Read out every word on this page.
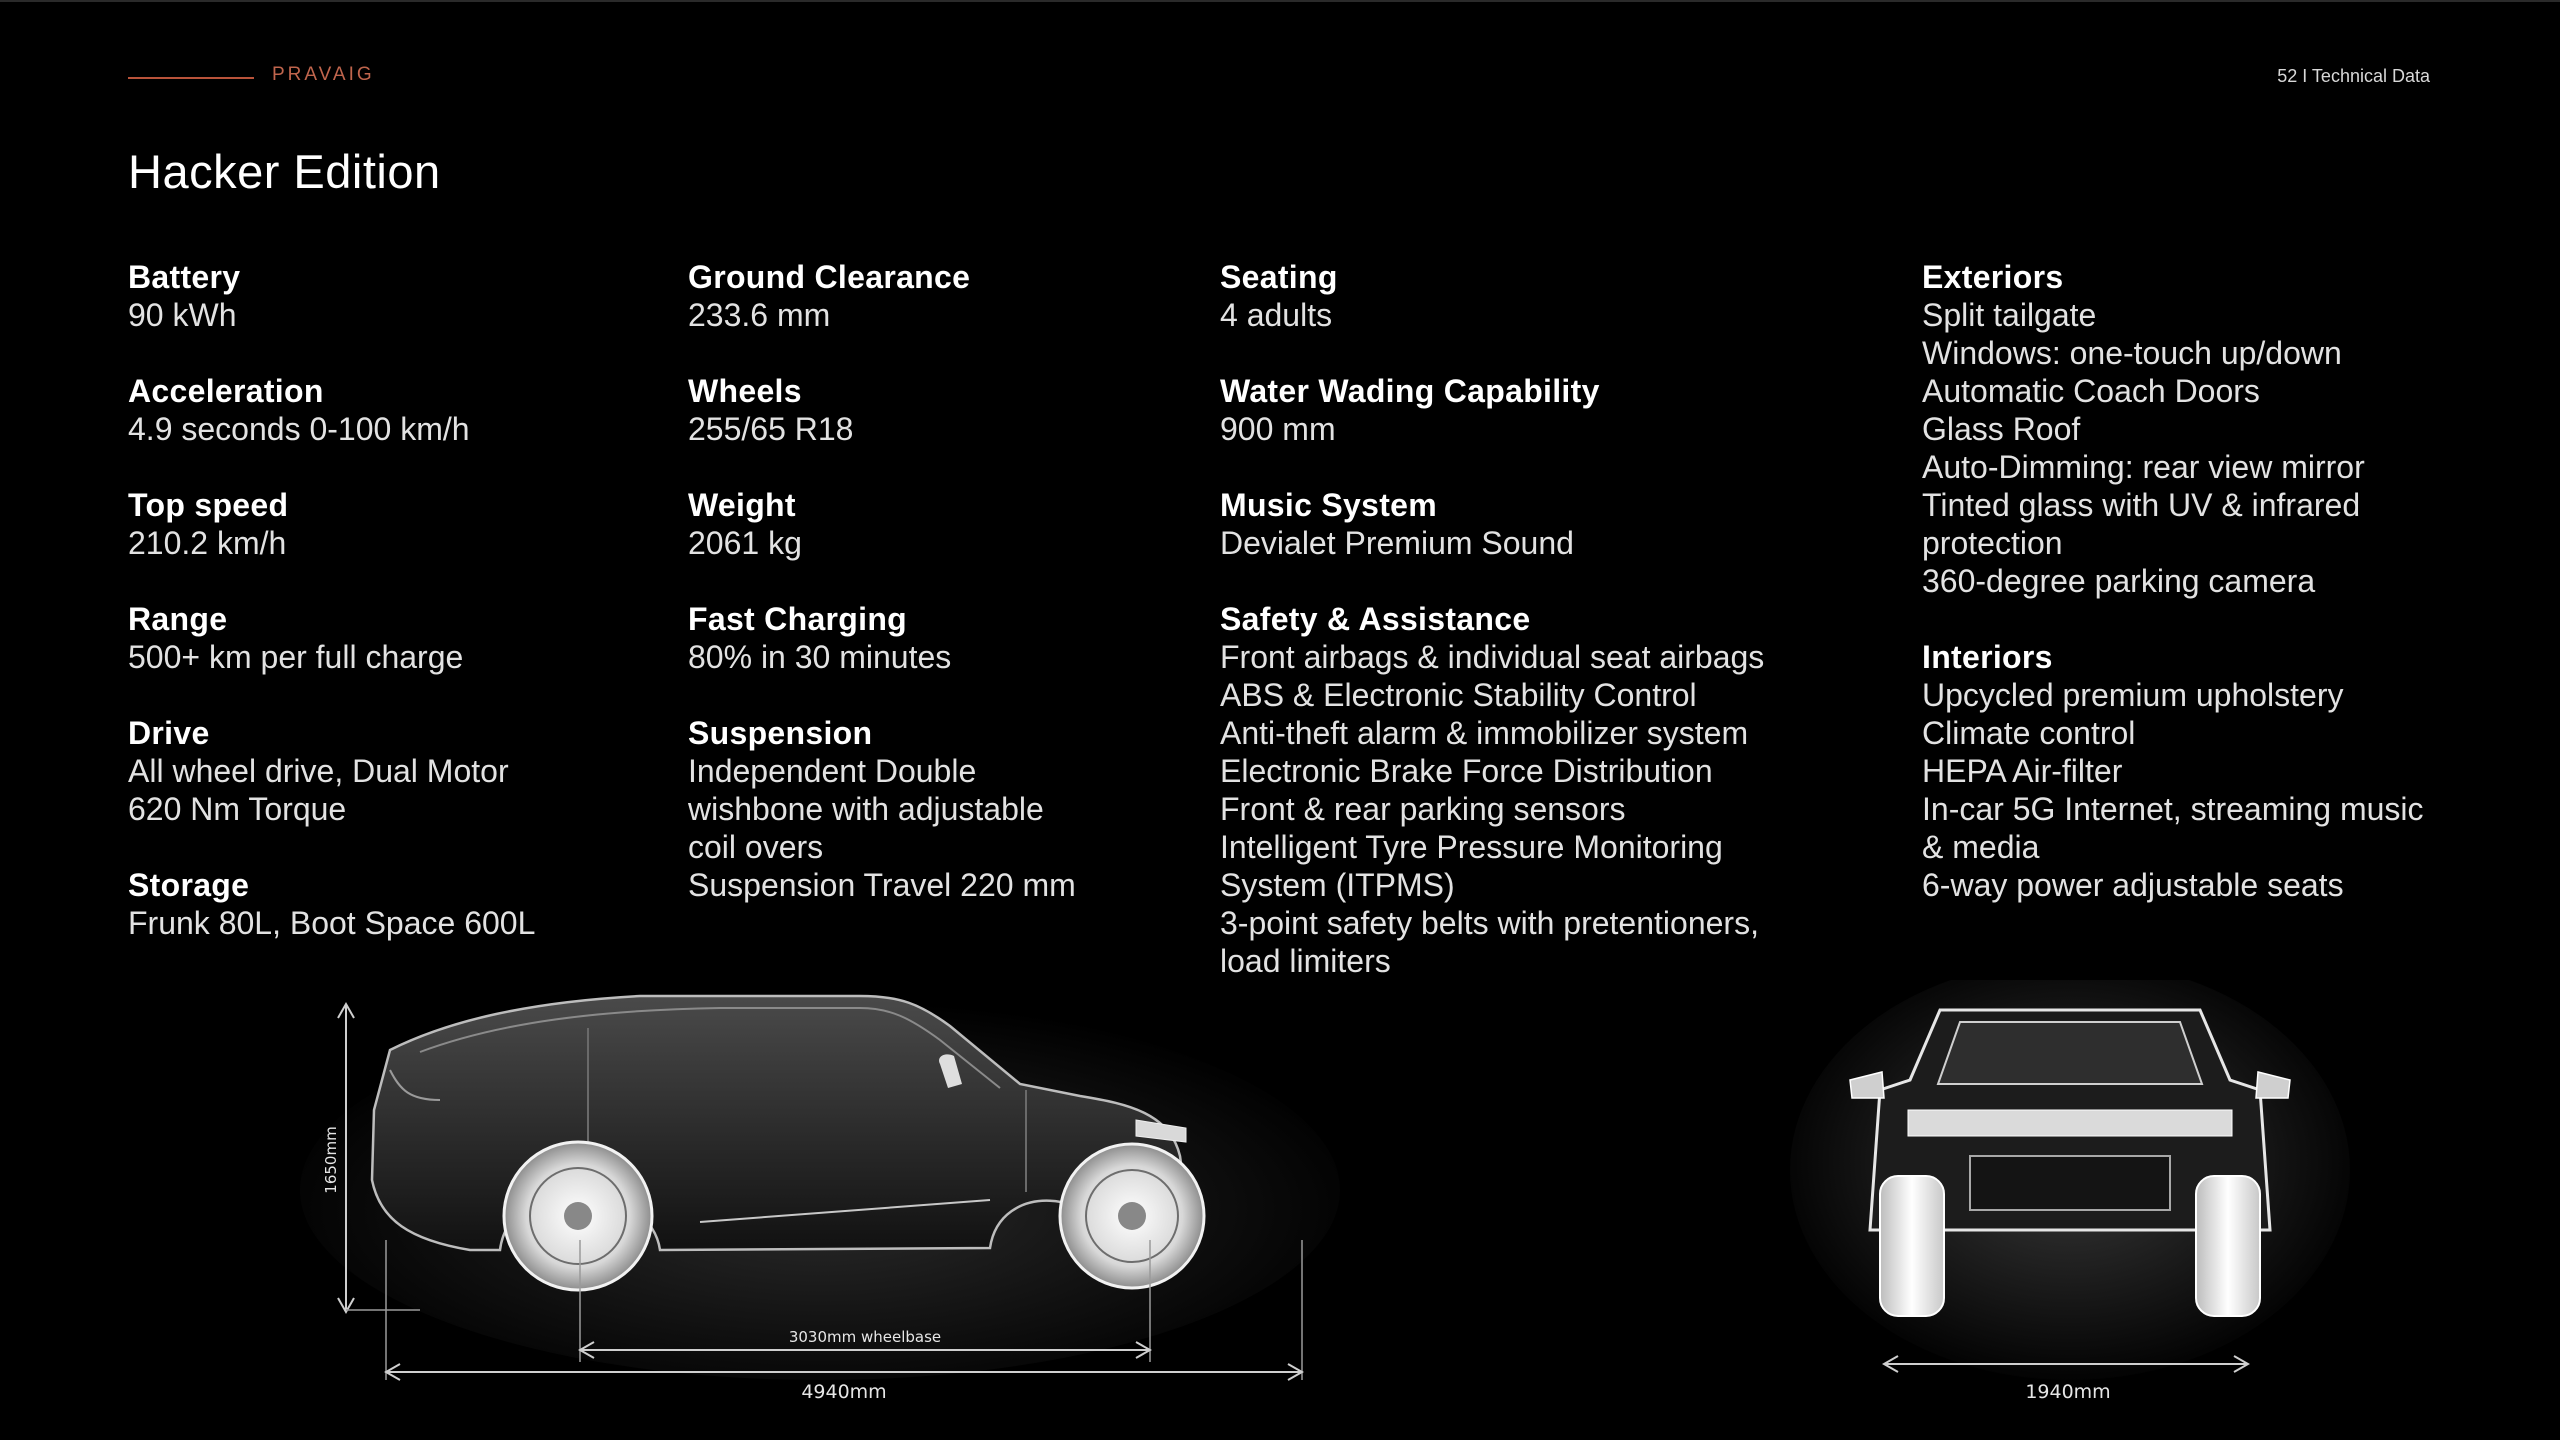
PRAVAIG	52 I Technical Data
Hacker Edition
Battery
90 kWh
Acceleration
4.9 seconds 0-100 km/h
Top speed
210.2 km/h
Range
500+ km per full charge
Drive
All wheel drive, Dual Motor
620 Nm Torque
Storage
Frunk 80L, Boot Space 600L
Ground Clearance
233.6 mm
Wheels
255/65 R18
Weight
2061 kg
Fast Charging
80% in 30 minutes
Suspension
Independent Double
wishbone with adjustable
coil overs
Suspension Travel 220 mm
Seating
4 adults
Water Wading Capability
900 mm
Music System
Devialet Premium Sound
Safety & Assistance
Front airbags & individual seat airbags
ABS & Electronic Stability Control
Anti-theft alarm & immobilizer system
Electronic Brake Force Distribution
Front & rear parking sensors
Intelligent Tyre Pressure Monitoring
System (ITPMS)
3-point safety belts with pretentioners,
load limiters
Exteriors
Split tailgate
Windows: one-touch up/down
Automatic Coach Doors
Glass Roof
Auto-Dimming: rear view mirror
Tinted glass with UV & infrared
protection
360-degree parking camera
Interiors
Upcycled premium upholstery
Climate control
HEPA Air-filter
In-car 5G Internet, streaming music
& media
6-way power adjustable seats
1650mm
3030mm wheelbase
4940mm	1940mm
